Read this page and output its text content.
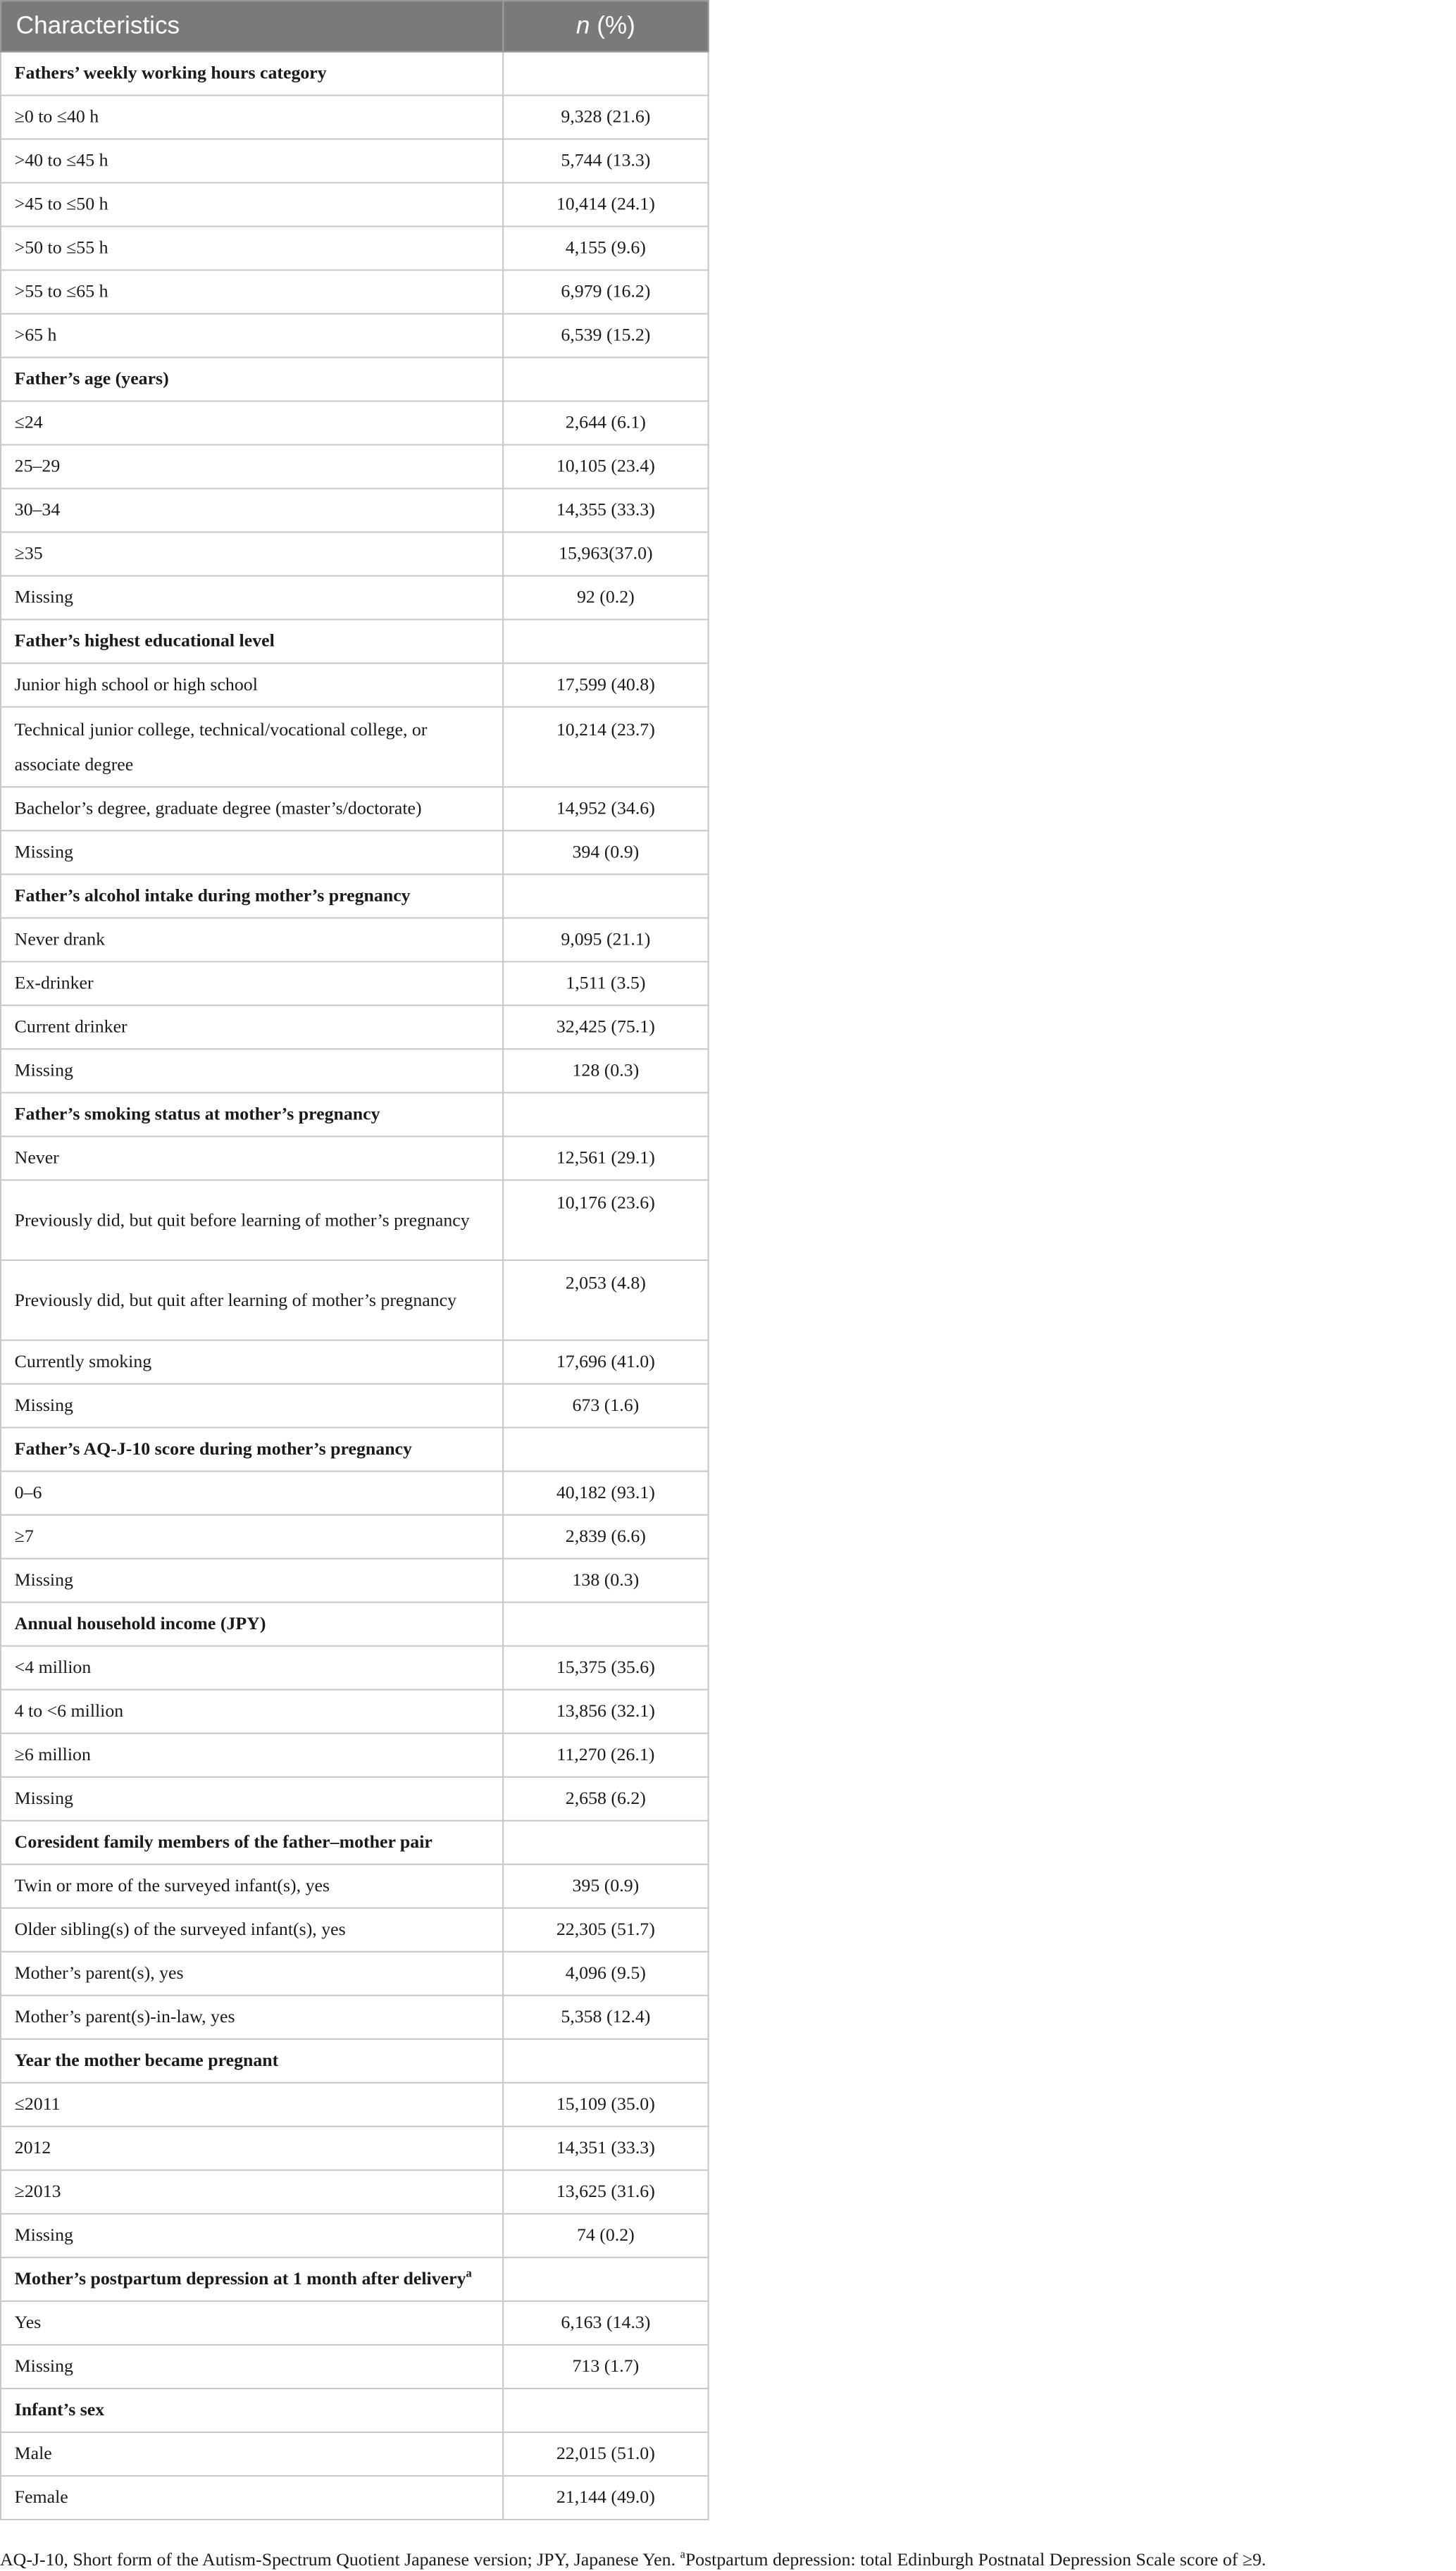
Characteristics	n (%)
Fathers’ weekly working hours category	
≥0 to ≤40 h	9,328 (21.6)
>40 to ≤45 h	5,744 (13.3)
>45 to ≤50 h	10,414 (24.1)
>50 to ≤55 h	4,155 (9.6)
>55 to ≤65 h	6,979 (16.2)
>65 h	6,539 (15.2)
Father’s age (years)	
≤24	2,644 (6.1)
25–29	10,105 (23.4)
30–34	14,355 (33.3)
≥35	15,963(37.0)
Missing	92 (0.2)
Father’s highest educational level	
Junior high school or high school	17,599 (40.8)
Technical junior college, technical/vocational college, or associate degree	10,214 (23.7)
Bachelor’s degree, graduate degree (master’s/doctorate)	14,952 (34.6)
Missing	394 (0.9)
Father’s alcohol intake during mother’s pregnancy	
Never drank	9,095 (21.1)
Ex-drinker	1,511 (3.5)
Current drinker	32,425 (75.1)
Missing	128 (0.3)
Father’s smoking status at mother’s pregnancy	
Never	12,561 (29.1)
Previously did, but quit before learning of mother’s pregnancy	10,176 (23.6)
Previously did, but quit after learning of mother’s pregnancy	2,053 (4.8)
Currently smoking	17,696 (41.0)
Missing	673 (1.6)
Father’s AQ-J-10 score during mother’s pregnancy	
0–6	40,182 (93.1)
≥7	2,839 (6.6)
Missing	138 (0.3)
Annual household income (JPY)	
<4 million	15,375 (35.6)
4 to <6 million	13,856 (32.1)
≥6 million	11,270 (26.1)
Missing	2,658 (6.2)
Coresident family members of the father–mother pair	
Twin or more of the surveyed infant(s), yes	395 (0.9)
Older sibling(s) of the surveyed infant(s), yes	22,305 (51.7)
Mother’s parent(s), yes	4,096 (9.5)
Mother’s parent(s)-in-law, yes	5,358 (12.4)
Year the mother became pregnant	
≤2011	15,109 (35.0)
2012	14,351 (33.3)
≥2013	13,625 (31.6)
Missing	74 (0.2)
Mother’s postpartum depression at 1 month after delivery$^a$	
Yes	6,163 (14.3)
Missing	713 (1.7)
Infant’s sex	
Male	22,015 (51.0)
Female	21,144 (49.0)
AQ-J-10, Short form of the Autism-Spectrum Quotient Japanese version; JPY, Japanese Yen. $^a$Postpartum depression: total Edinburgh Postnatal Depression Scale score of ≥9.
